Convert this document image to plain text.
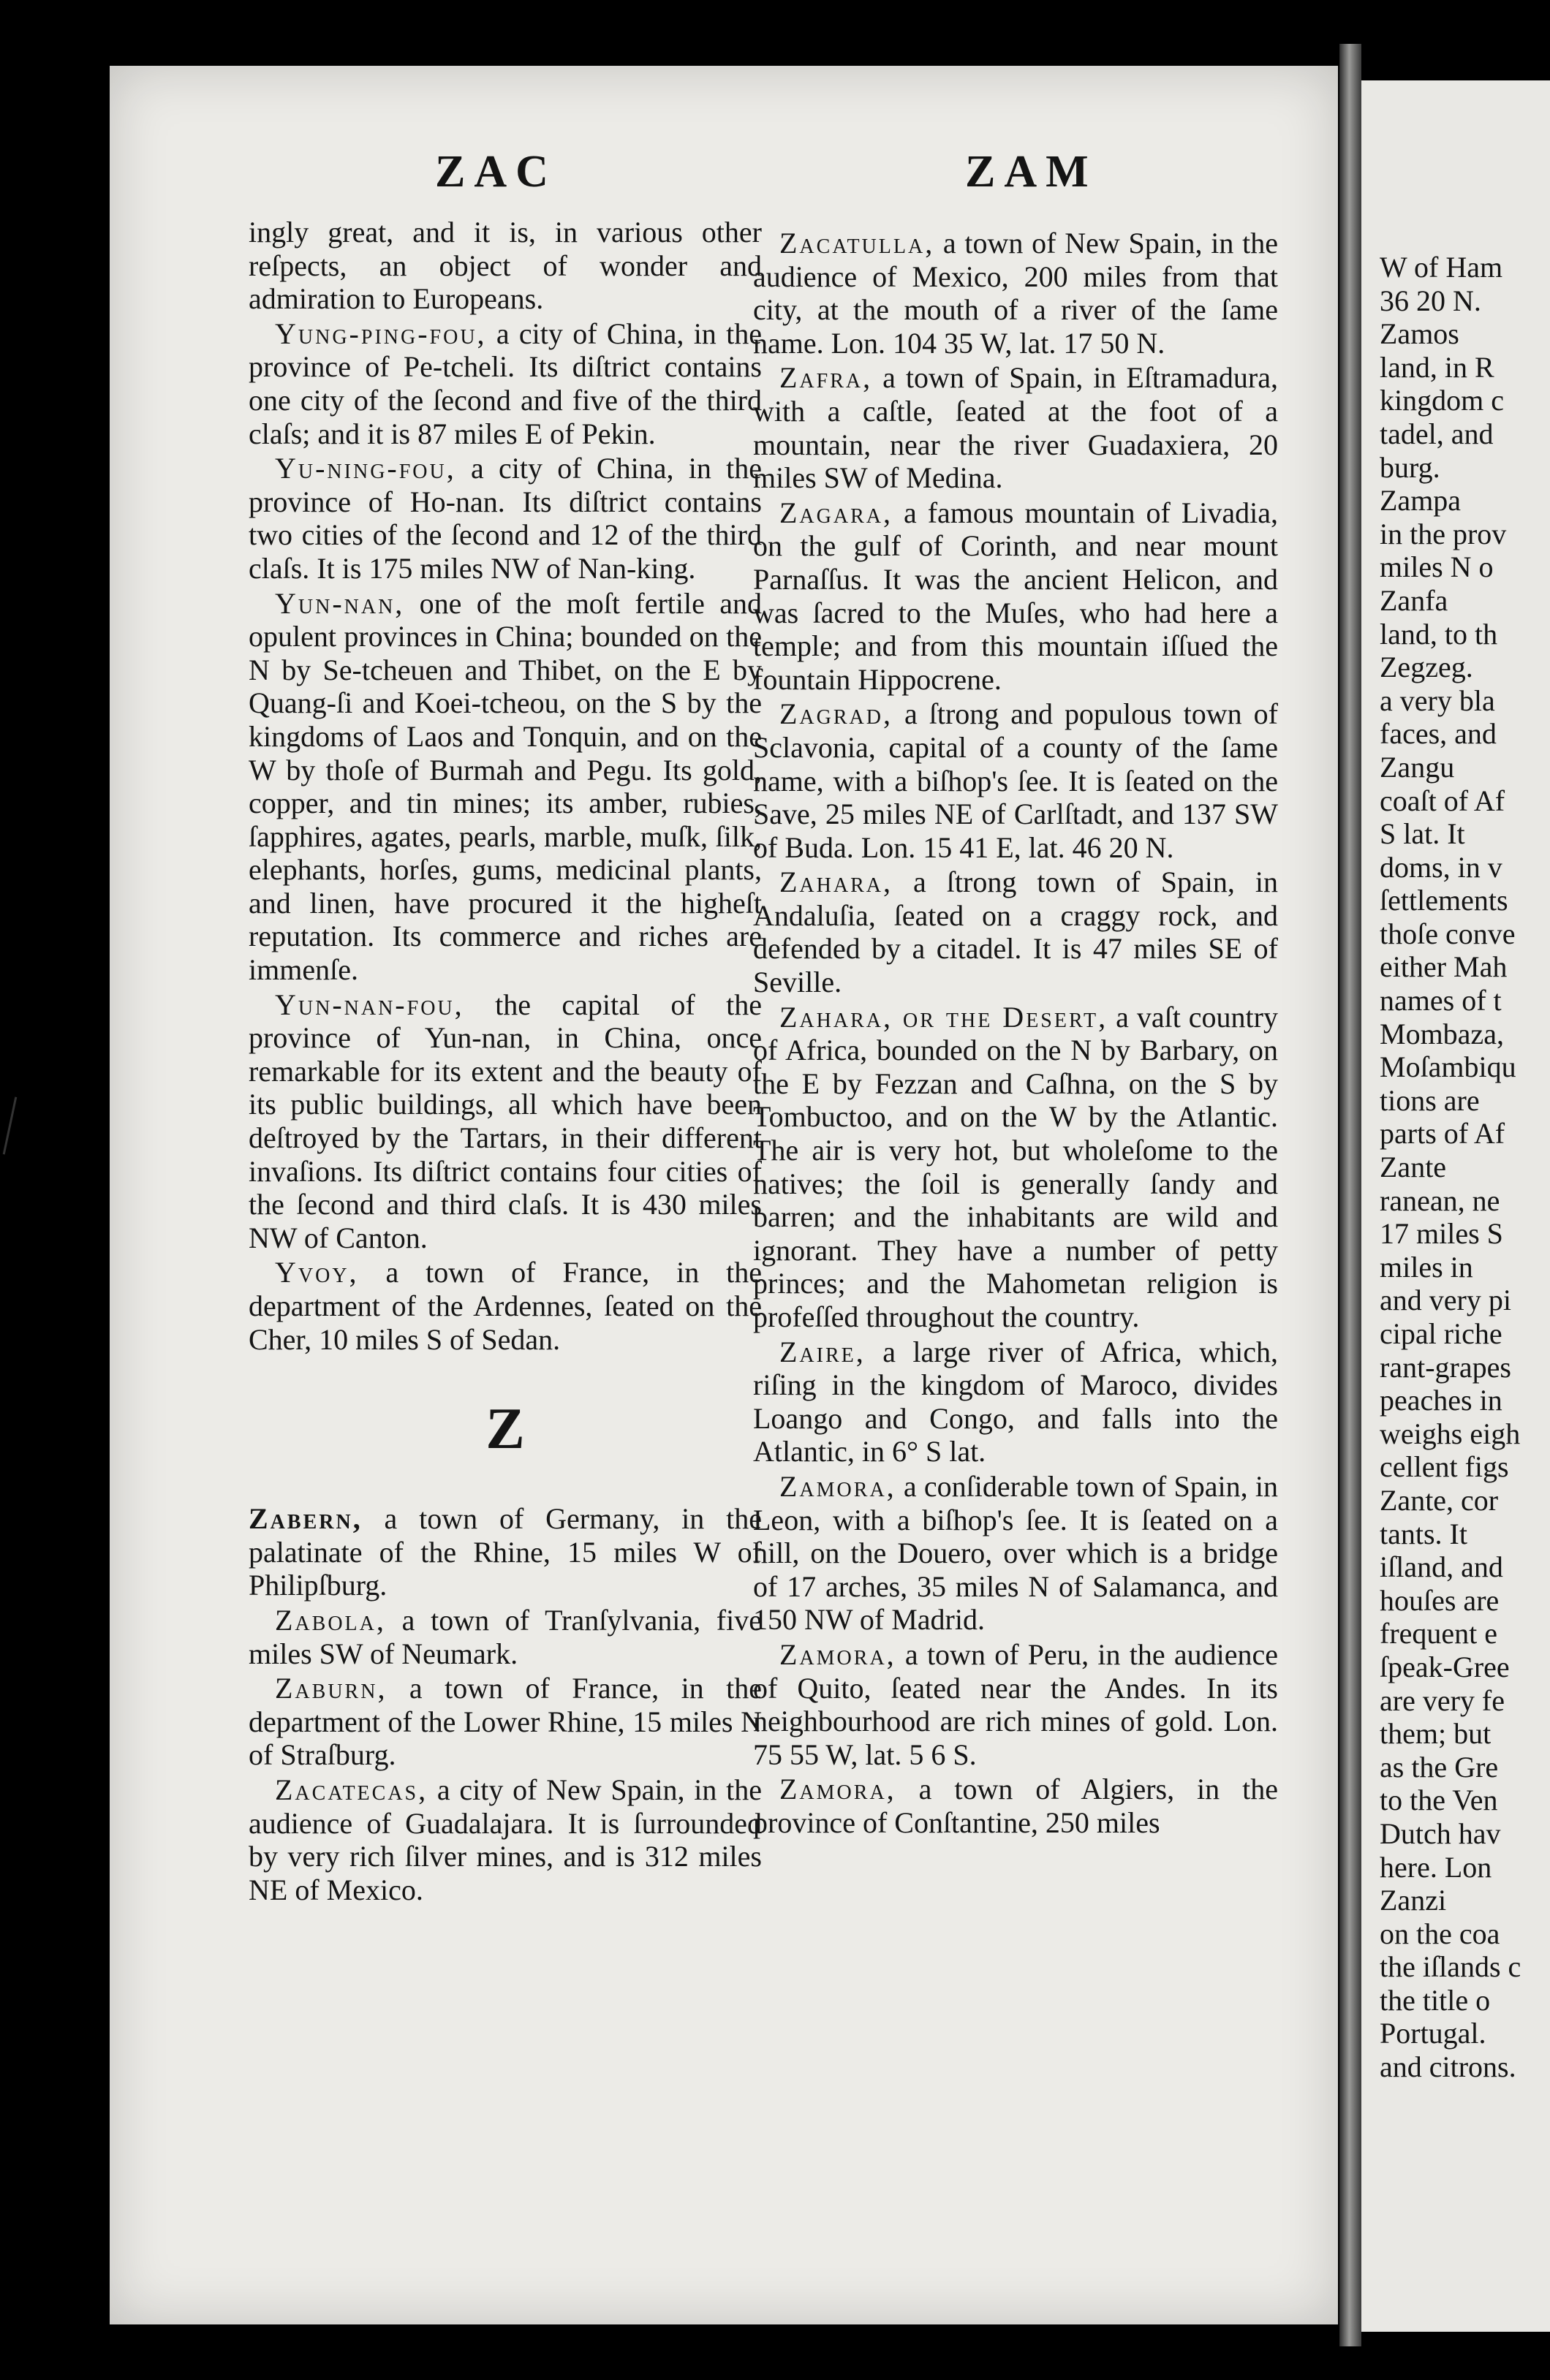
W of Ham
36 20 N.
Zamos
land, in R
kingdom c
tadel, and
burg.
Zampa
in the prov
miles N o
Zanfa
land, to th
Zegzeg.
a very bla
faces, and
Zangu
coaſt of Af
S lat. It
doms, in v
ſettlements
thoſe conve
either Mah
names of t
Mombaza,
Moſambiqu
tions are
parts of Af
Zante
ranean, ne
17 miles S
miles in
and very pi
cipal riche
rant-grapes
peaches in
weighs eigh
cellent figs
Zante, cor
tants. It
iſland, and
houſes are
frequent e
ſpeak-Gree
are very fe
them; but
as the Gre
to the Ven
Dutch hav
here. Lon
Zanzi
on the coa
the iſlands c
the title o
Portugal.
and citrons.
ZAC	ZAM

ingly great, and it is, in various other reſpects, an object of wonder and admiration to Europeans.

Yung-ping-fou, a city of China, in the province of Pe-tcheli. Its diſtrict contains one city of the ſecond and five of the third claſs; and it is 87 miles E of Pekin.

Yu-ning-fou, a city of China, in the province of Ho-nan. Its diſtrict contains two cities of the ſecond and 12 of the third claſs. It is 175 miles NW of Nan-king.

Yun-nan, one of the moſt fertile and opulent provinces in China; bounded on the N by Se-tcheuen and Thibet, on the E by Quang-ſi and Koei-tcheou, on the S by the kingdoms of Laos and Tonquin, and on the W by thoſe of Burmah and Pegu. Its gold, copper, and tin mines; its amber, rubies, ſapphires, agates, pearls, marble, muſk, ſilk, elephants, horſes, gums, medicinal plants, and linen, have procured it the higheſt reputation. Its commerce and riches are immenſe.

Yun-nan-fou, the capital of the province of Yun-nan, in China, once remarkable for its extent and the beauty of its public buildings, all which have been deſtroyed by the Tartars, in their different invaſions. Its diſtrict contains four cities of the ſecond and third claſs. It is 430 miles NW of Canton.

Yvoy, a town of France, in the department of the Ardennes, ſeated on the Cher, 10 miles S of Sedan.

Z

Zabern, a town of Germany, in the palatinate of the Rhine, 15 miles W of Philipſburg.

Zabola, a town of Tranſylvania, five miles SW of Neumark.

Zaburn, a town of France, in the department of the Lower Rhine, 15 miles N of Straſburg.

Zacatecas, a city of New Spain, in the audience of Guadalajara. It is ſurrounded by very rich ſilver mines, and is 312 miles NE of Mexico.

Zacatulla, a town of New Spain, in the audience of Mexico, 200 miles from that city, at the mouth of a river of the ſame name. Lon. 104 35 W, lat. 17 50 N.

Zafra, a town of Spain, in Eſtramadura, with a caſtle, ſeated at the foot of a mountain, near the river Guadaxiera, 20 miles SW of Medina.

Zagara, a famous mountain of Livadia, on the gulf of Corinth, and near mount Parnaſſus. It was the ancient Helicon, and was ſacred to the Muſes, who had here a temple; and from this mountain iſſued the fountain Hippocrene.

Zagrad, a ſtrong and populous town of Sclavonia, capital of a county of the ſame name, with a biſhop's ſee. It is ſeated on the Save, 25 miles NE of Carlſtadt, and 137 SW of Buda. Lon. 15 41 E, lat. 46 20 N.

Zahara, a ſtrong town of Spain, in Andaluſia, ſeated on a craggy rock, and defended by a citadel. It is 47 miles SE of Seville.

Zahara, or the Desert, a vaſt country of Africa, bounded on the N by Barbary, on the E by Fezzan and Caſhna, on the S by Tombuctoo, and on the W by the Atlantic. The air is very hot, but wholeſome to the natives; the ſoil is generally ſandy and barren; and the inhabitants are wild and ignorant. They have a number of petty princes; and the Mahometan religion is profeſſed throughout the country.

Zaire, a large river of Africa, which, riſing in the kingdom of Maroco, divides Loango and Congo, and falls into the Atlantic, in 6° S lat.

Zamora, a conſiderable town of Spain, in Leon, with a biſhop's ſee. It is ſeated on a hill, on the Douero, over which is a bridge of 17 arches, 35 miles N of Salamanca, and 150 NW of Madrid.

Zamora, a town of Peru, in the audience of Quito, ſeated near the Andes. In its neighbourhood are rich mines of gold. Lon. 75 55 W, lat. 5 6 S.

Zamora, a town of Algiers, in the province of Conſtantine, 250 miles
